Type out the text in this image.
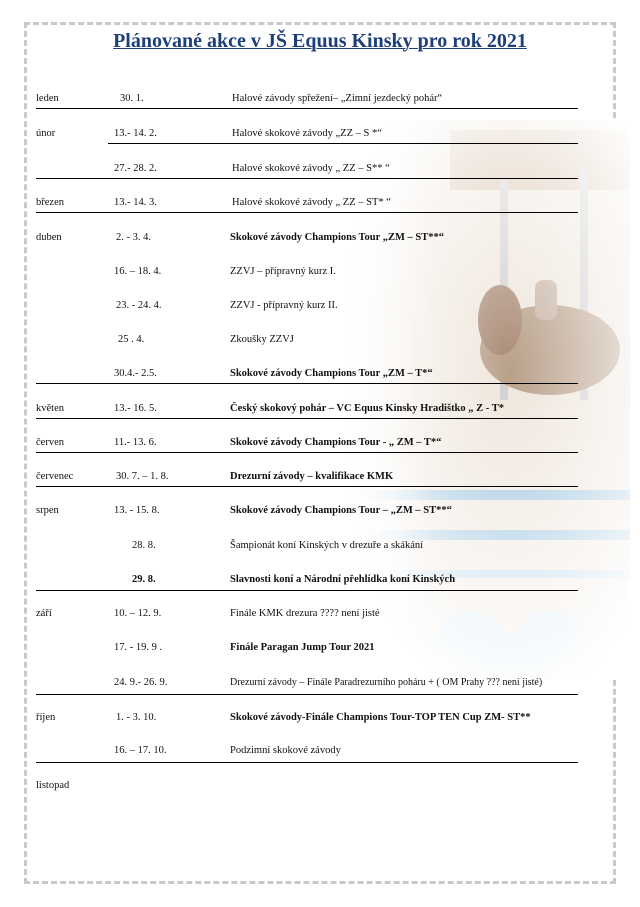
Plánované akce v JŠ Equus Kinsky pro rok 2021
leden	30. 1.	Halové závody spřežení– „Zimní jezdecký pohár“
únor	13.- 14. 2.	Halové skokové závody „ZZ – S *“
27.- 28. 2.	Halové skokové závody „ ZZ – S** “
březen	13.- 14. 3.	Halové skokové závody „ ZZ – ST* “
duben	2. - 3. 4.	Skokové závody Champions Tour „ZM – ST**“
16. – 18. 4.	ZZVJ – přípravný kurz I.
23. - 24. 4.	ZZVJ - přípravný kurz II.
25 . 4.	Zkoušky ZZVJ
30.4.- 2.5.	Skokové závody Champions Tour „ZM – T*“
květen	13.- 16. 5.	Český skokový pohár – VC Equus Kinsky Hradištko „ Z - T*
červen	11.- 13. 6.	Skokové závody Champions Tour - „ ZM – T*“
červenec	30. 7. – 1. 8.	Drezurní závody – kvalifikace KMK
srpen	13. - 15. 8.	Skokové závody Champions Tour – „ZM – ST**“
28. 8.	Šampionát koní Kinských v drezuře a skákání
29. 8.	Slavnosti koní a Národní přehlídka koní Kinských
září	10. – 12. 9.	Finále KMK drezura ???? není jisté
17. - 19. 9 .	Finále Paragan Jump Tour 2021
24. 9.- 26. 9.	Drezurní závody – Finále Paradrezurního poháru + ( OM Prahy ??? není jisté)
říjen	1. - 3. 10.	Skokové závody-Finále Champions Tour-TOP TEN Cup ZM- ST**
16. – 17. 10.	Podzimní skokové závody
listopad
